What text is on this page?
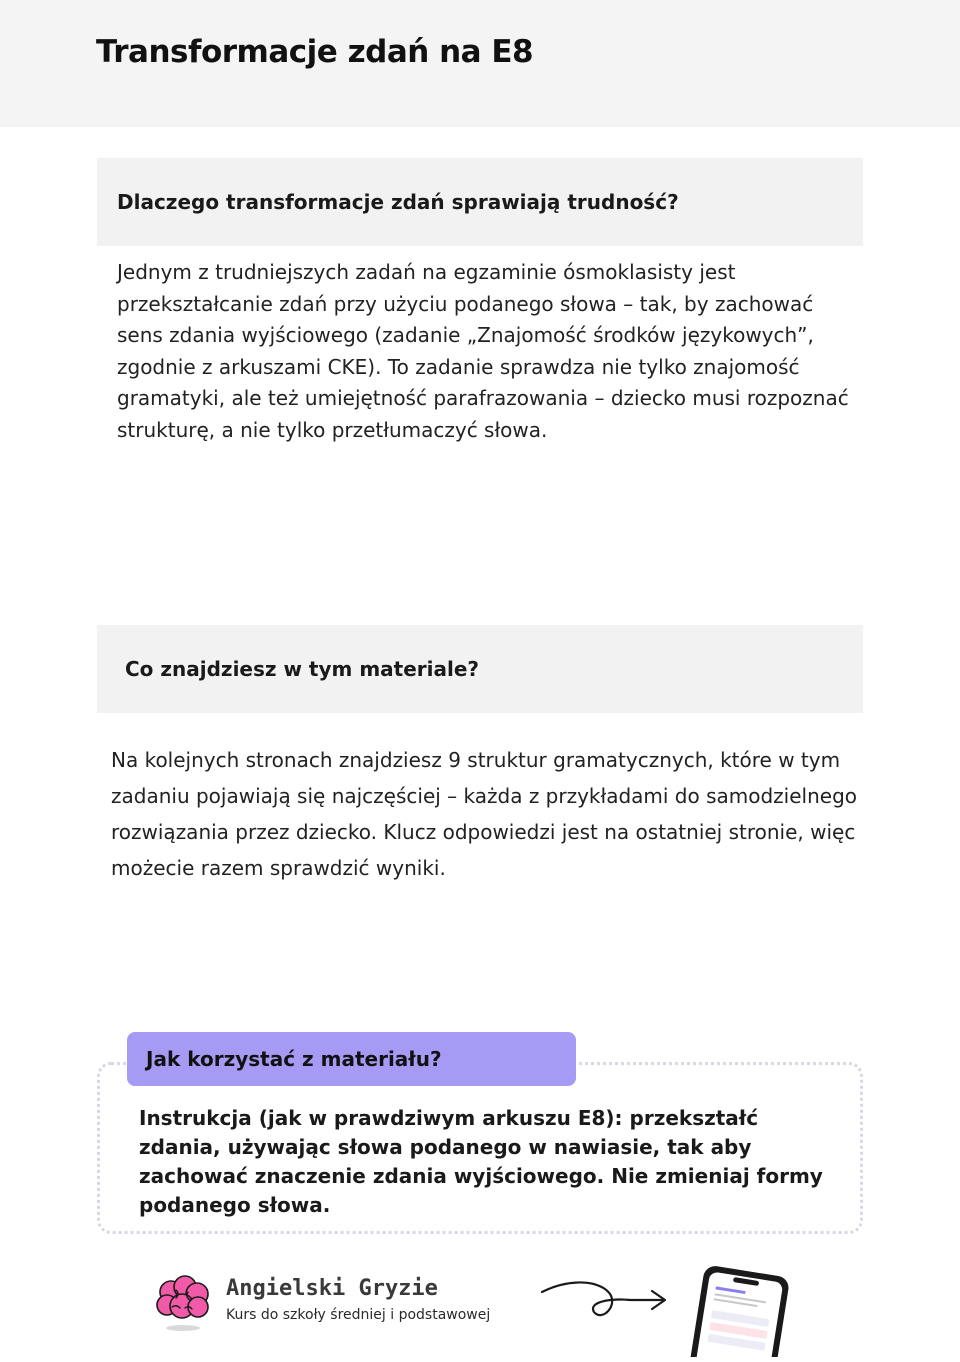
Transformacje zdań na E8
Dlaczego transformacje zdań sprawiają trudność?

Jednym z trudniejszych zadań na egzaminie ósmoklasisty jest przekształcanie zdań przy użyciu podanego słowa – tak, by zachować sens zdania wyjściowego (zadanie „Znajomość środków językowych”, zgodnie z arkuszami CKE). To zadanie sprawdza nie tylko znajomość gramatyki, ale też umiejętność parafrazowania – dziecko musi rozpoznać strukturę, a nie tylko przetłumaczyć słowa.

Co znajdziesz w tym materiale?

Na kolejnych stronach znajdziesz 9 struktur gramatycznych, które w tym zadaniu pojawiają się najczęściej – każda z przykładami do samodzielnego rozwiązania przez dziecko. Klucz odpowiedzi jest na ostatniej stronie, więc możecie razem sprawdzić wyniki.

Jak korzystać z materiału?

Instrukcja (jak w prawdziwym arkuszu E8): przekształć zdania, używając słowa podanego w nawiasie, tak aby zachować znaczenie zdania wyjściowego. Nie zmieniaj formy podanego słowa.

Angielski Gryzie
Kurs do szkoły średniej i podstawowej
